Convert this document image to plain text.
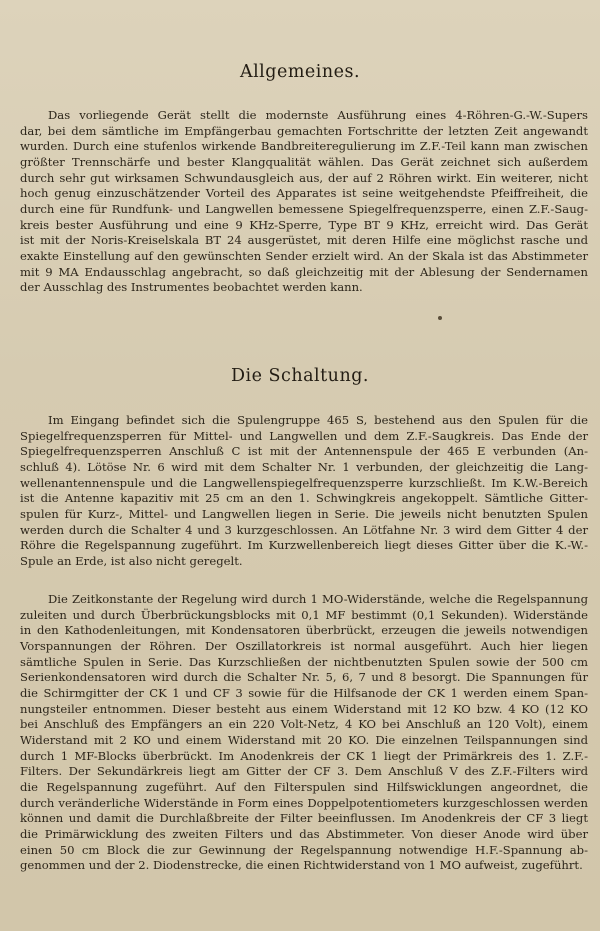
Allgemeines.
Das vorliegende Gerät stellt die modernste Ausführung eines 4-Röhren-G.-W.-Supers
dar, bei dem sämtliche im Empfängerbau gemachten Fortschritte der letzten Zeit angewandt
wurden. Durch eine stufenlos wirkende Bandbreiteregulierung im Z.F.-Teil kann man zwischen
größter Trennschärfe und bester Klangqualität wählen. Das Gerät zeichnet sich außerdem
durch sehr gut wirksamen Schwundausgleich aus, der auf 2 Röhren wirkt. Ein weiterer, nicht
hoch genug einzuschätzender Vorteil des Apparates ist seine weitgehendste Pfeiffreiheit, die
durch eine für Rundfunk- und Langwellen bemessene Spiegelfrequenzsperre, einen Z.F.-Saug-
kreis bester Ausführung und eine 9 KHz-Sperre, Type BT 9 KHz, erreicht wird. Das Gerät
ist mit der Noris-Kreiselskala BT 24 ausgerüstet, mit deren Hilfe eine möglichst rasche und
exakte Einstellung auf den gewünschten Sender erzielt wird. An der Skala ist das Abstimmeter
mit 9 MA Endausschlag angebracht, so daß gleichzeitig mit der Ablesung der Sendernamen
der Ausschlag des Instrumentes beobachtet werden kann.
Die Schaltung.
Im Eingang befindet sich die Spulengruppe 465 S, bestehend aus den Spulen für die
Spiegelfrequenzsperren für Mittel- und Langwellen und dem Z.F.-Saugkreis. Das Ende der
Spiegelfrequenzsperren Anschluß C ist mit der Antennenspule der 465 E verbunden (An-
schluß 4). Lötöse Nr. 6 wird mit dem Schalter Nr. 1 verbunden, der gleichzeitig die Lang-
wellenantennenspule und die Langwellenspiegelfrequenzsperre kurzschließt. Im K.W.-Bereich
ist die Antenne kapazitiv mit 25 cm an den 1. Schwingkreis angekoppelt. Sämtliche Gitter-
spulen für Kurz-, Mittel- und Langwellen liegen in Serie. Die jeweils nicht benutzten Spulen
werden durch die Schalter 4 und 3 kurzgeschlossen. An Lötfahne Nr. 3 wird dem Gitter 4 der
Röhre die Regelspannung zugeführt. Im Kurzwellenbereich liegt dieses Gitter über die K.-W.-
Spule an Erde, ist also nicht geregelt.
Die Zeitkonstante der Regelung wird durch 1 MO-Widerstände, welche die Regelspannung
zuleiten und durch Überbrückungsblocks mit 0,1 MF bestimmt (0,1 Sekunden). Widerstände
in den Kathodenleitungen, mit Kondensatoren überbrückt, erzeugen die jeweils notwendigen
Vorspannungen der Röhren. Der Oszillatorkreis ist normal ausgeführt. Auch hier liegen
sämtliche Spulen in Serie. Das Kurzschließen der nichtbenutzten Spulen sowie der 500 cm
Serienkondensatoren wird durch die Schalter Nr. 5, 6, 7 und 8 besorgt. Die Spannungen für
die Schirmgitter der CK 1 und CF 3 sowie für die Hilfsanode der CK 1 werden einem Span-
nungsteiler entnommen. Dieser besteht aus einem Widerstand mit 12 KO bzw. 4 KO (12 KO
bei Anschluß des Empfängers an ein 220 Volt-Netz, 4 KO bei Anschluß an 120 Volt), einem
Widerstand mit 2 KO und einem Widerstand mit 20 KO. Die einzelnen Teilspannungen sind
durch 1 MF-Blocks überbrückt. Im Anodenkreis der CK 1 liegt der Primärkreis des 1. Z.F.-
Filters. Der Sekundärkreis liegt am Gitter der CF 3. Dem Anschluß V des Z.F.-Filters wird
die Regelspannung zugeführt. Auf den Filterspulen sind Hilfswicklungen angeordnet, die
durch veränderliche Widerstände in Form eines Doppelpotentiometers kurzgeschlossen werden
können und damit die Durchlaßbreite der Filter beeinflussen. Im Anodenkreis der CF 3 liegt
die Primärwicklung des zweiten Filters und das Abstimmeter. Von dieser Anode wird über
einen 50 cm Block die zur Gewinnung der Regelspannung notwendige H.F.-Spannung ab-
genommen und der 2. Diodenstrecke, die einen Richtwiderstand von 1 MO aufweist, zugeführt.
